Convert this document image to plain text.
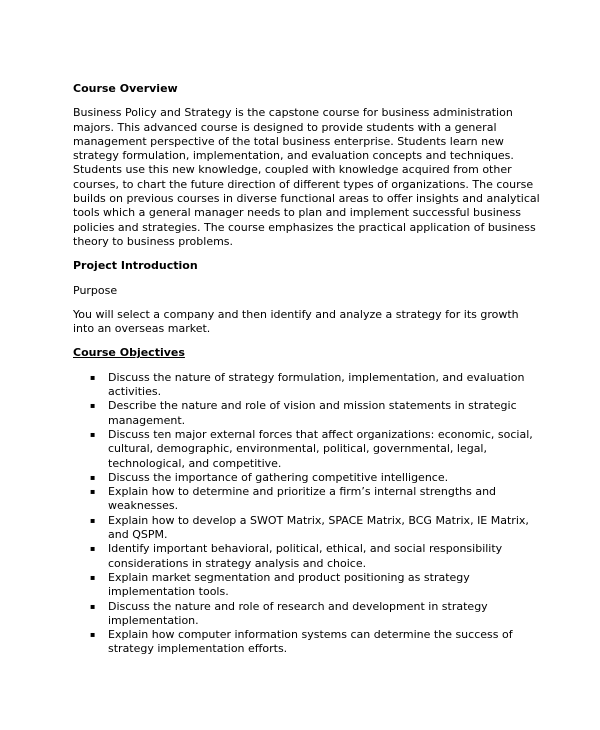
Course Overview

Business Policy and Strategy is the capstone course for business administration majors. This advanced course is designed to provide students with a general management perspective of the total business enterprise. Students learn new strategy formulation, implementation, and evaluation concepts and techniques. Students use this new knowledge, coupled with knowledge acquired from other courses, to chart the future direction of different types of organizations. The course builds on previous courses in diverse functional areas to offer insights and analytical tools which a general manager needs to plan and implement successful business policies and strategies. The course emphasizes the practical application of business theory to business problems.

Project Introduction

Purpose

You will select a company and then identify and analyze a strategy for its growth into an overseas market.

Course Objectives

▪ Discuss the nature of strategy formulation, implementation, and evaluation activities.
▪ Describe the nature and role of vision and mission statements in strategic management.
▪ Discuss ten major external forces that affect organizations: economic, social, cultural, demographic, environmental, political, governmental, legal, technological, and competitive.
▪ Discuss the importance of gathering competitive intelligence.
▪ Explain how to determine and prioritize a firm’s internal strengths and weaknesses.
▪ Explain how to develop a SWOT Matrix, SPACE Matrix, BCG Matrix, IE Matrix, and QSPM.
▪ Identify important behavioral, political, ethical, and social responsibility considerations in strategy analysis and choice.
▪ Explain market segmentation and product positioning as strategy implementation tools.
▪ Discuss the nature and role of research and development in strategy implementation.
▪ Explain how computer information systems can determine the success of strategy implementation efforts.
